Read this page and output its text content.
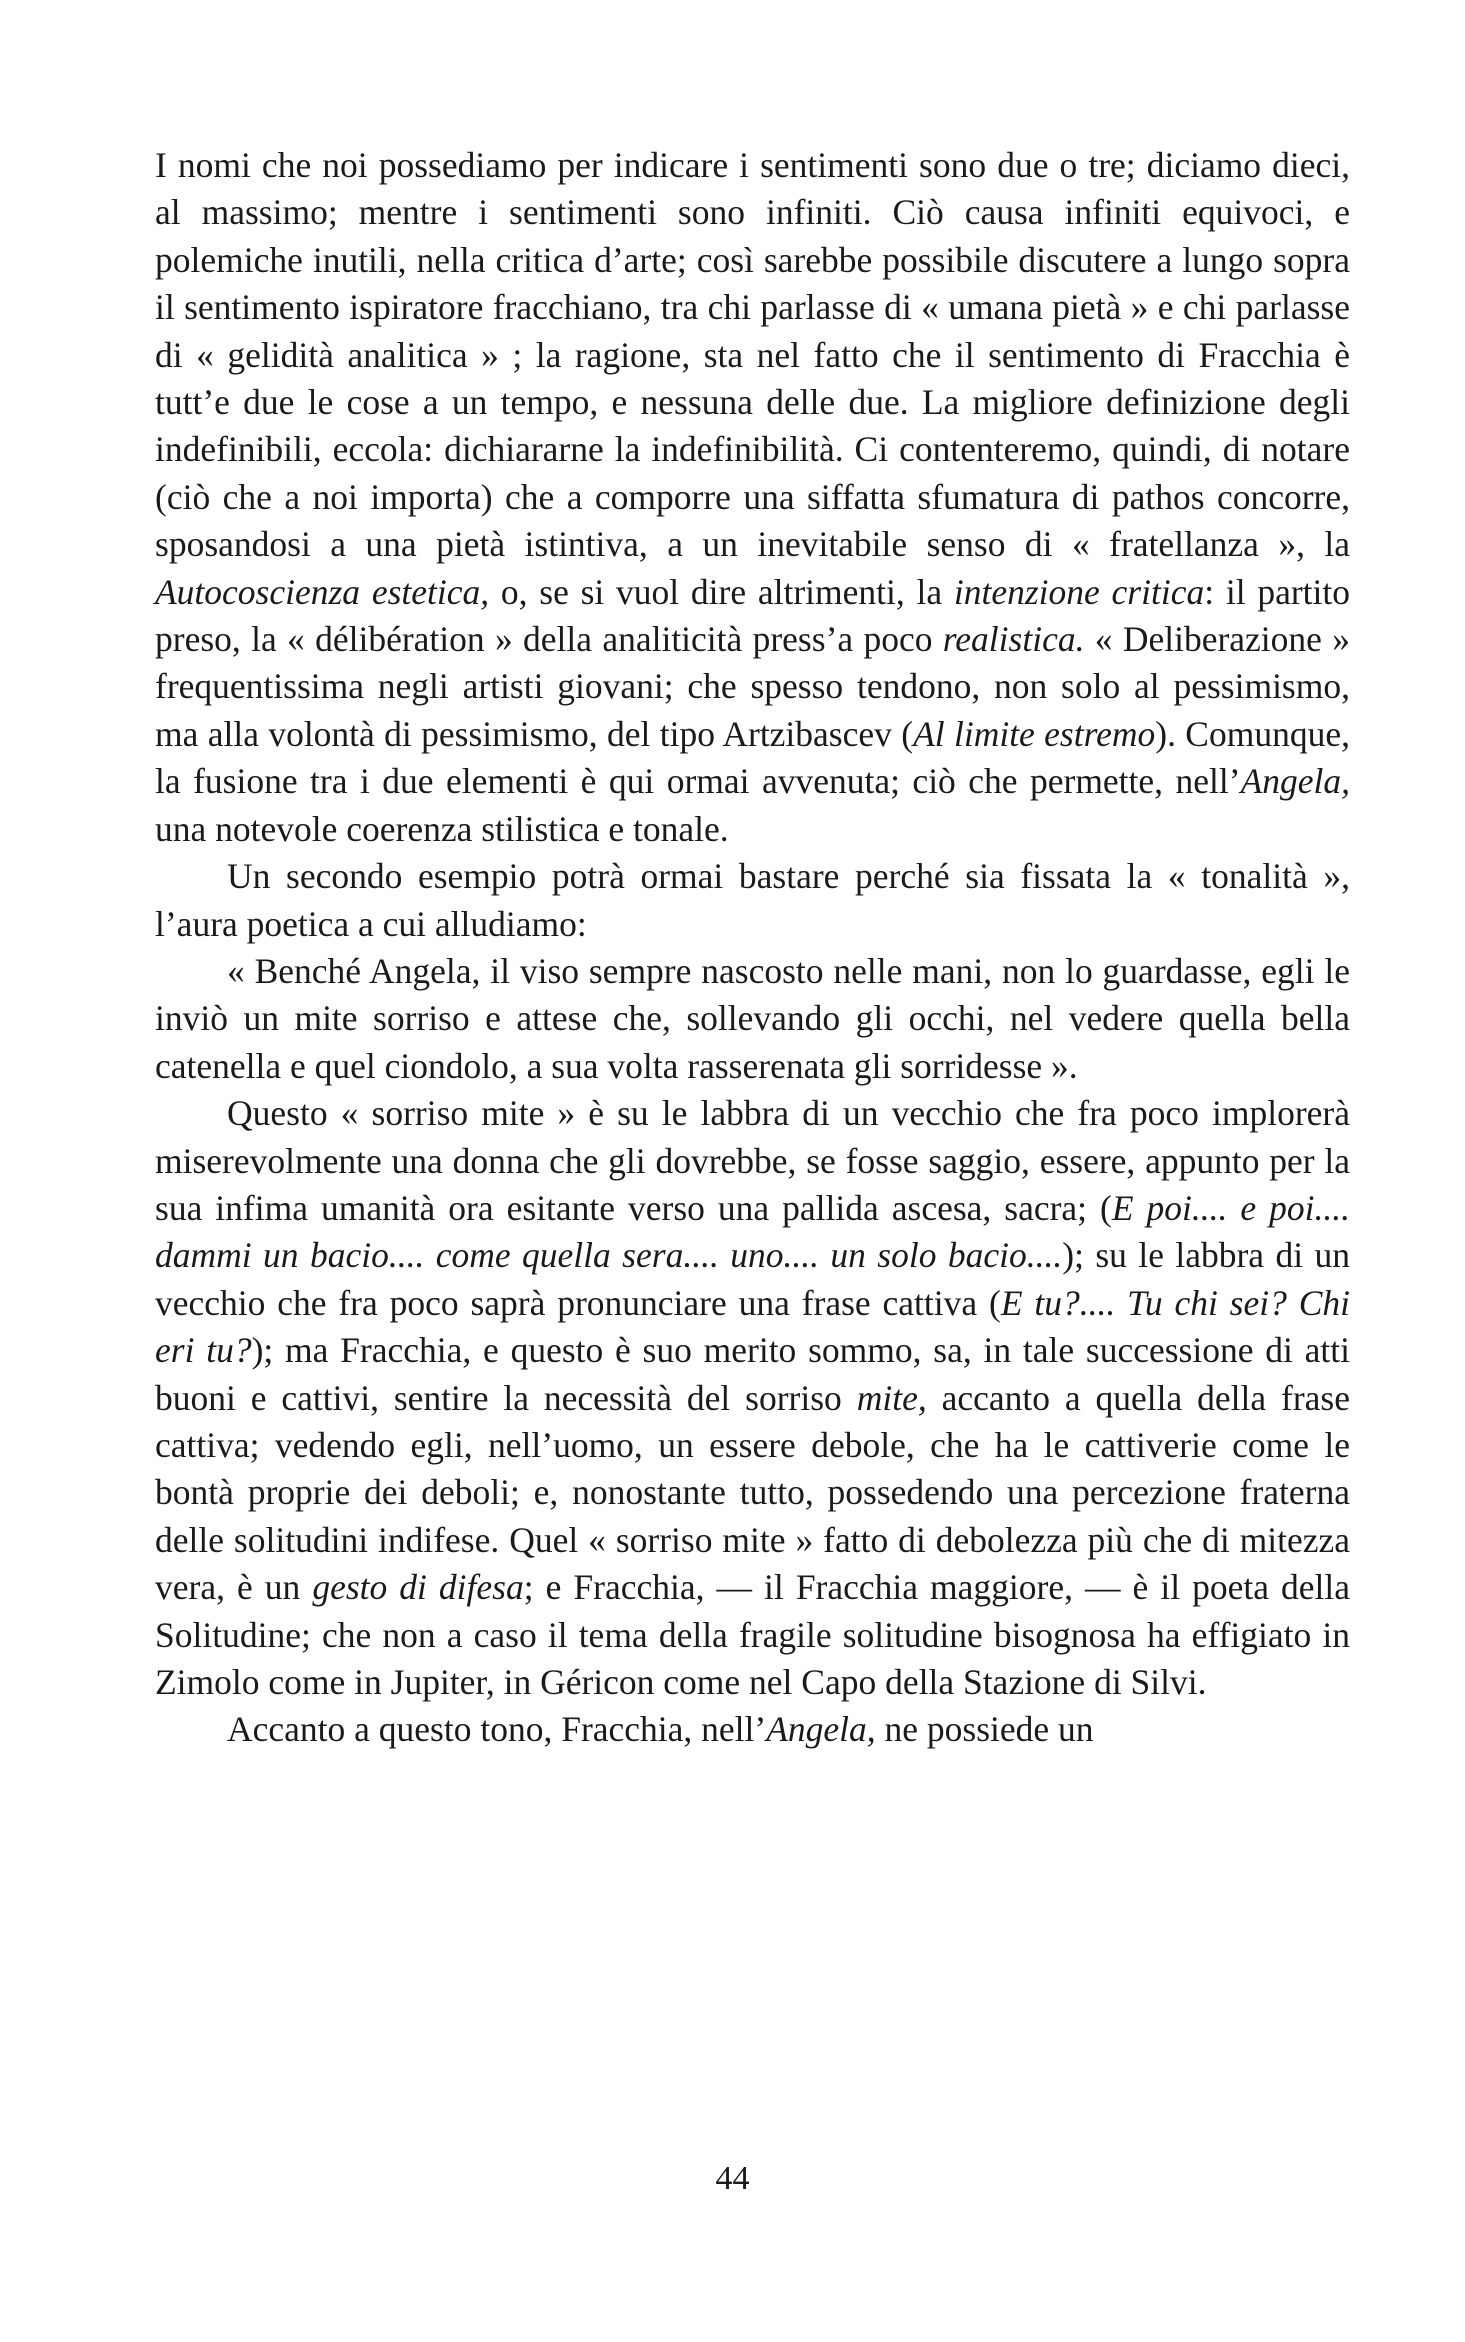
I nomi che noi possediamo per indicare i sentimenti sono due o tre; diciamo dieci, al massimo; mentre i sentimenti sono infiniti. Ciò causa infiniti equivoci, e polemiche inutili, nella critica d’arte; così sarebbe possibile discutere a lungo sopra il sentimento ispiratore fracchiano, tra chi parlasse di « umana pietà » e chi parlasse di « gelidità analitica » ; la ragione, sta nel fatto che il sentimento di Fracchia è tutt’e due le cose a un tempo, e nessuna delle due. La migliore definizione degli indefinibili, eccola: dichiararne la indefinibilità. Ci contenteremo, quindi, di notare (ciò che a noi importa) che a comporre una siffatta sfumatura di pathos concorre, sposandosi a una pietà istintiva, a un inevitabile senso di « fratellanza », la Autocoscienza estetica, o, se si vuol dire altrimenti, la intenzione critica: il partito preso, la « délibération » della analiticità press’a poco realistica. « Deliberazione » frequentissima negli artisti giovani; che spesso tendono, non solo al pessimismo, ma alla volontà di pessimismo, del tipo Artzibascev (Al limite estremo). Comunque, la fusione tra i due elementi è qui ormai avvenuta; ciò che permette, nell’Angela, una notevole coerenza stilistica e tonale.

Un secondo esempio potrà ormai bastare perché sia fissata la « tonalità », l’aura poetica a cui alludiamo:

« Benché Angela, il viso sempre nascosto nelle mani, non lo guardasse, egli le inviò un mite sorriso e attese che, sollevando gli occhi, nel vedere quella bella catenella e quel ciondolo, a sua volta rasserenata gli sorridesse ».

Questo « sorriso mite » è su le labbra di un vecchio che fra poco implorerà miserevolmente una donna che gli dovrebbe, se fosse saggio, essere, appunto per la sua infima umanità ora esitante verso una pallida ascesa, sacra; (E poi.... e poi.... dammi un bacio.... come quella sera.... uno.... un solo bacio....); su le labbra di un vecchio che fra poco saprà pronunciare una frase cattiva (E tu?.... Tu chi sei? Chi eri tu?); ma Fracchia, e questo è suo merito sommo, sa, in tale successione di atti buoni e cattivi, sentire la necessità del sorriso mite, accanto a quella della frase cattiva; vedendo egli, nell’uomo, un essere debole, che ha le cattiverie come le bontà proprie dei deboli; e, nonostante tutto, possedendo una percezione fraterna delle solitudini indifese. Quel « sorriso mite » fatto di debolezza più che di mitezza vera, è un gesto di difesa; e Fracchia, — il Fracchia maggiore, — è il poeta della Solitudine; che non a caso il tema della fragile solitudine bisognosa ha effigiato in Zimolo come in Jupiter, in Géricon come nel Capo della Stazione di Silvi.

Accanto a questo tono, Fracchia, nell’Angela, ne possiede un

44
